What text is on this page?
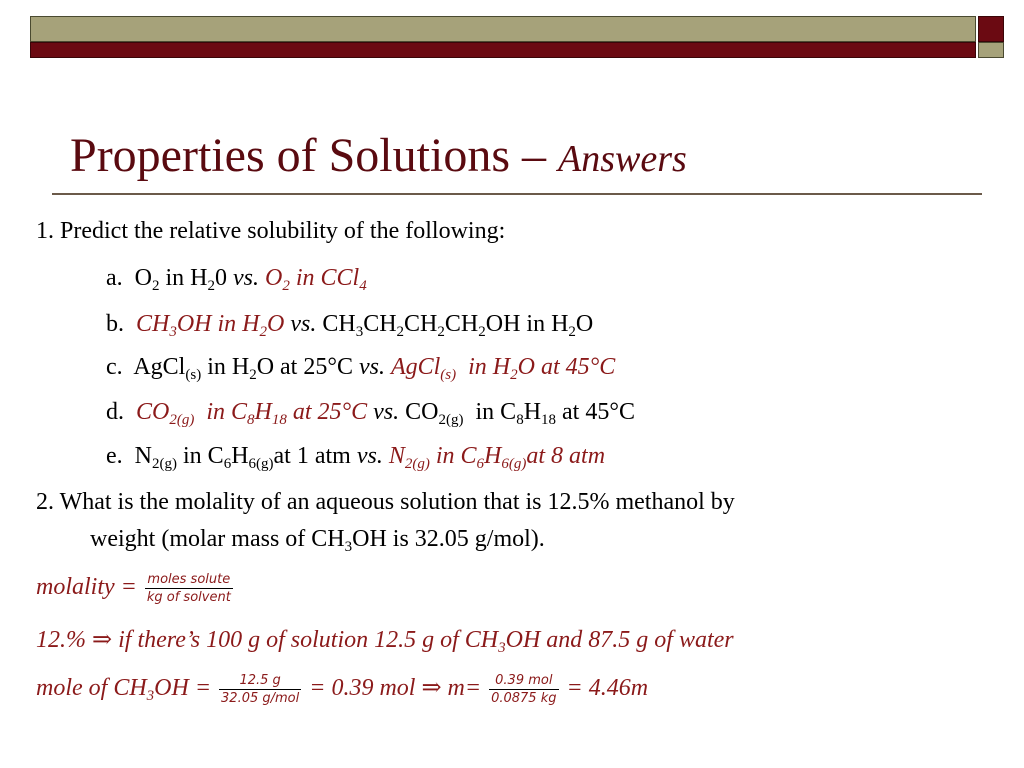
Properties of Solutions – Answers
1. Predict the relative solubility of the following:
a. $O_2$ in $H_20$ vs. $O_2$ in CCl$_4$
b. $CH_3OH$ in $H_2O$ vs. $CH_3CH_2CH_2CH_2OH$ in $H_2O$
c. AgCl$_{(s)}$ in $H_2O$ at 25°C vs. AgCl$_{(s)}$ in $H_2O$ at 45°C
d. $CO_{2(g)}$ in $C_8H_{18}$ at 25°C vs. $CO_{2(g)}$ in $C_8H_{18}$ at 45°C
e. $N_{2(g)}$ in $C_6H_{6(g)}at$ 1 atm vs. $N_{2(g)}$ in $C_6H_{6(g)}at$ 8 atm
2. What is the molality of an aqueous solution that is 12.5% methanol by
weight (molar mass of $CH_3OH$ is 32.05 g/mol).
molality = $\frac{\text{moles solute}}{\text{kg of solvent}}$
12.% ⇒ if there’s 100 g of solution 12.5 g of $CH_3OH$ and 87.5 g of water
mole of $CH_3OH = \frac{12.5 g}{\text{32.05 g/mol}} = 0.39$ mol ⇒ $m= \frac{\text{0.39 mol}}{0.0875 kg} = 4.46m$
